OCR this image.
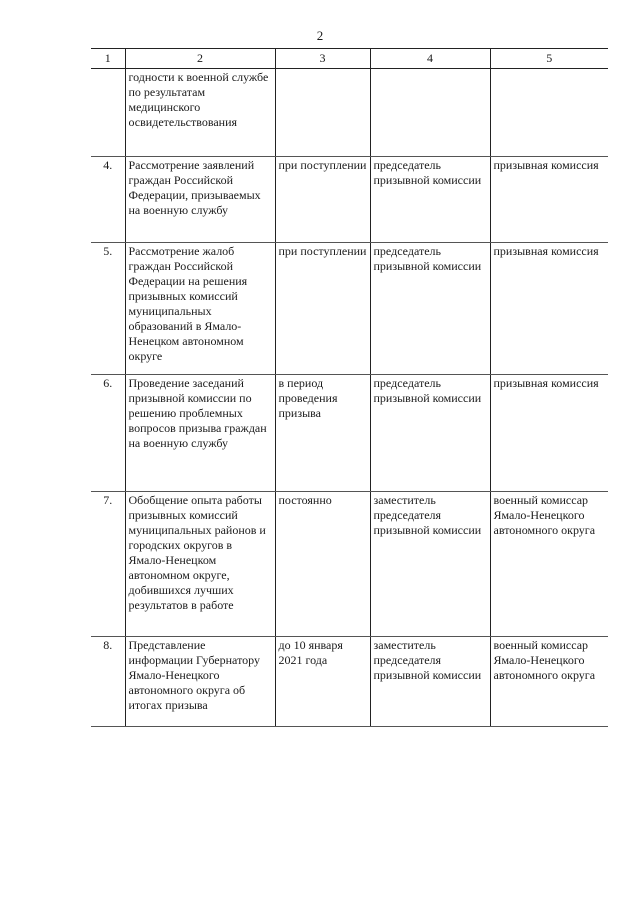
2
1	2	3	4	5
	годности к военной службе по результатам медицинского освидетельствования			
4.	Рассмотрение заявлений граждан Российской Федерации, призываемых на военную службу	при поступлении	председатель призывной комиссии	призывная комиссия
5.	Рассмотрение жалоб граждан Российской Федерации на решения призывных комиссий муниципальных образований в Ямало-Ненецком автономном округе	при поступлении	председатель призывной комиссии	призывная комиссия
6.	Проведение заседаний призывной комиссии по решению проблемных вопросов призыва граждан на военную службу	в период проведения призыва	председатель призывной комиссии	призывная комиссия
7.	Обобщение опыта работы призывных комиссий муниципальных районов и городских округов в Ямало-Ненецком автономном округе, добившихся лучших результатов в работе	постоянно	заместитель председателя призывной комиссии	военный комиссар Ямало-Ненецкого автономного округа
8.	Представление информации Губернатору Ямало-Ненецкого автономного округа об итогах призыва	до 10 января 2021 года	заместитель председателя призывной комиссии	военный комиссар Ямало-Ненецкого автономного округа
